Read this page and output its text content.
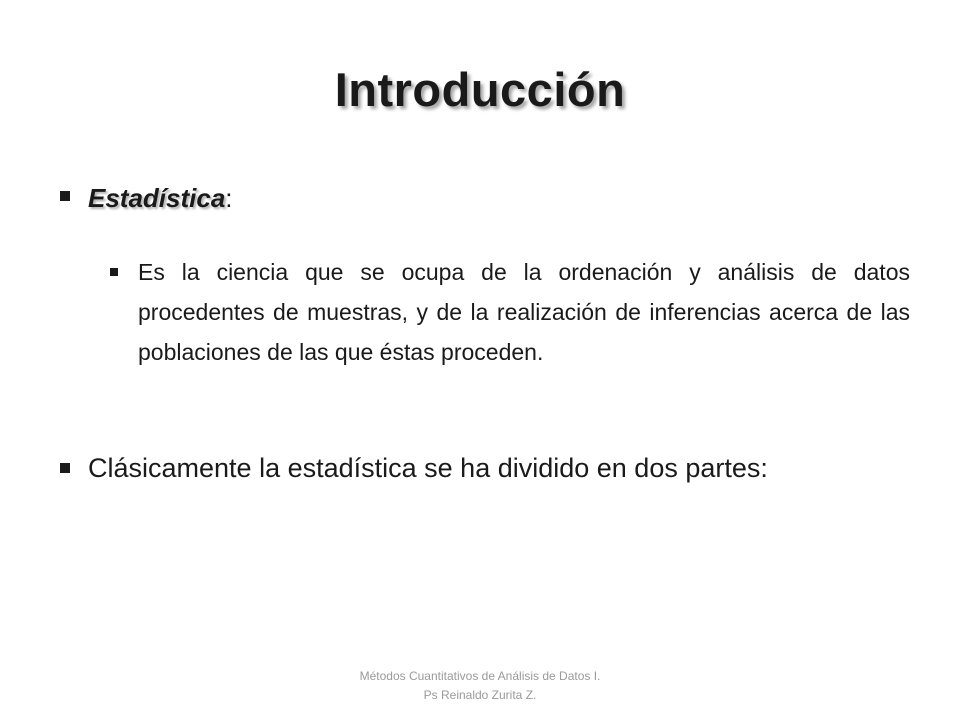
Introducción
Estadística:
Es la ciencia que se ocupa de la ordenación y análisis de datos procedentes de muestras, y de la realización de inferencias acerca de las poblaciones de las que éstas proceden.
Clásicamente la estadística se ha dividido en dos partes:
Métodos Cuantitativos de Análisis de Datos I.
Ps Reinaldo Zurita Z.
